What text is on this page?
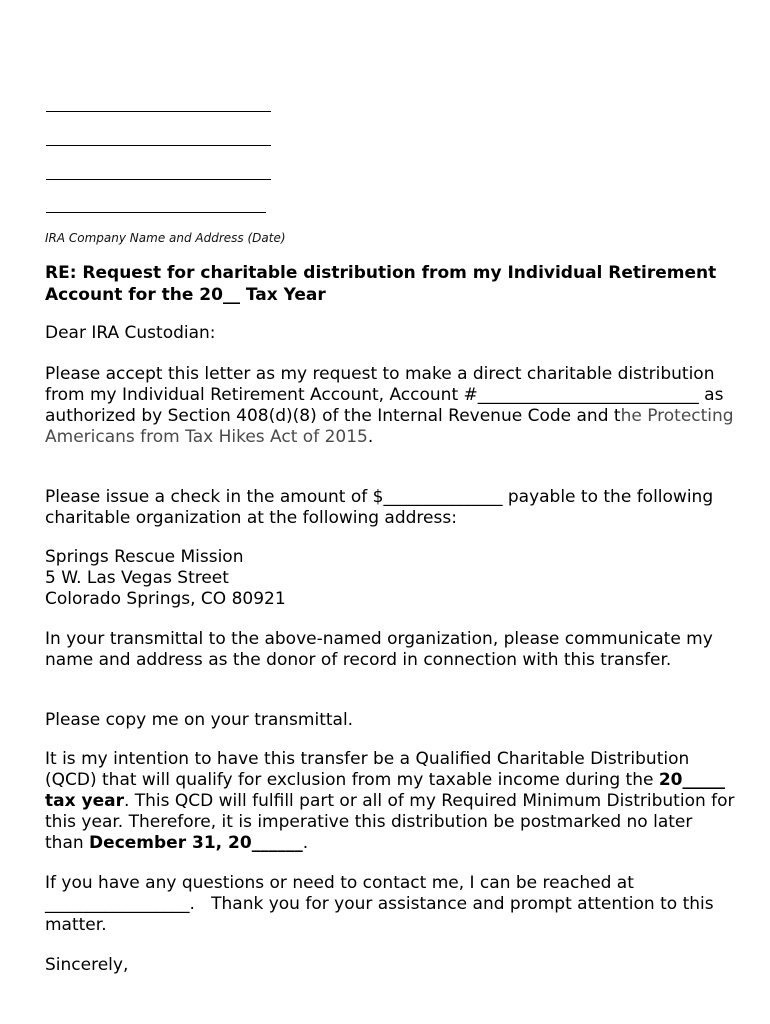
IRA Company Name and Address (Date)
RE: Request for charitable distribution from my Individual Retirement Account for the 20__ Tax Year
Dear IRA Custodian:
Please accept this letter as my request to make a direct charitable distribution from my Individual Retirement Account, Account #__________________________ as authorized by Section 408(d)(8) of the Internal Revenue Code and the Protecting Americans from Tax Hikes Act of 2015.
Please issue a check in the amount of $______________ payable to the following charitable organization at the following address:
Springs Rescue Mission
5 W. Las Vegas Street
Colorado Springs, CO 80921
In your transmittal to the above-named organization, please communicate my name and address as the donor of record in connection with this transfer.
Please copy me on your transmittal.
It is my intention to have this transfer be a Qualified Charitable Distribution (QCD) that will qualify for exclusion from my taxable income during the 20_____ tax year. This QCD will fulfill part or all of my Required Minimum Distribution for this year. Therefore, it is imperative this distribution be postmarked no later than December 31, 20______.
If you have any questions or need to contact me, I can be reached at _________________.   Thank you for your assistance and prompt attention to this matter.
Sincerely,
